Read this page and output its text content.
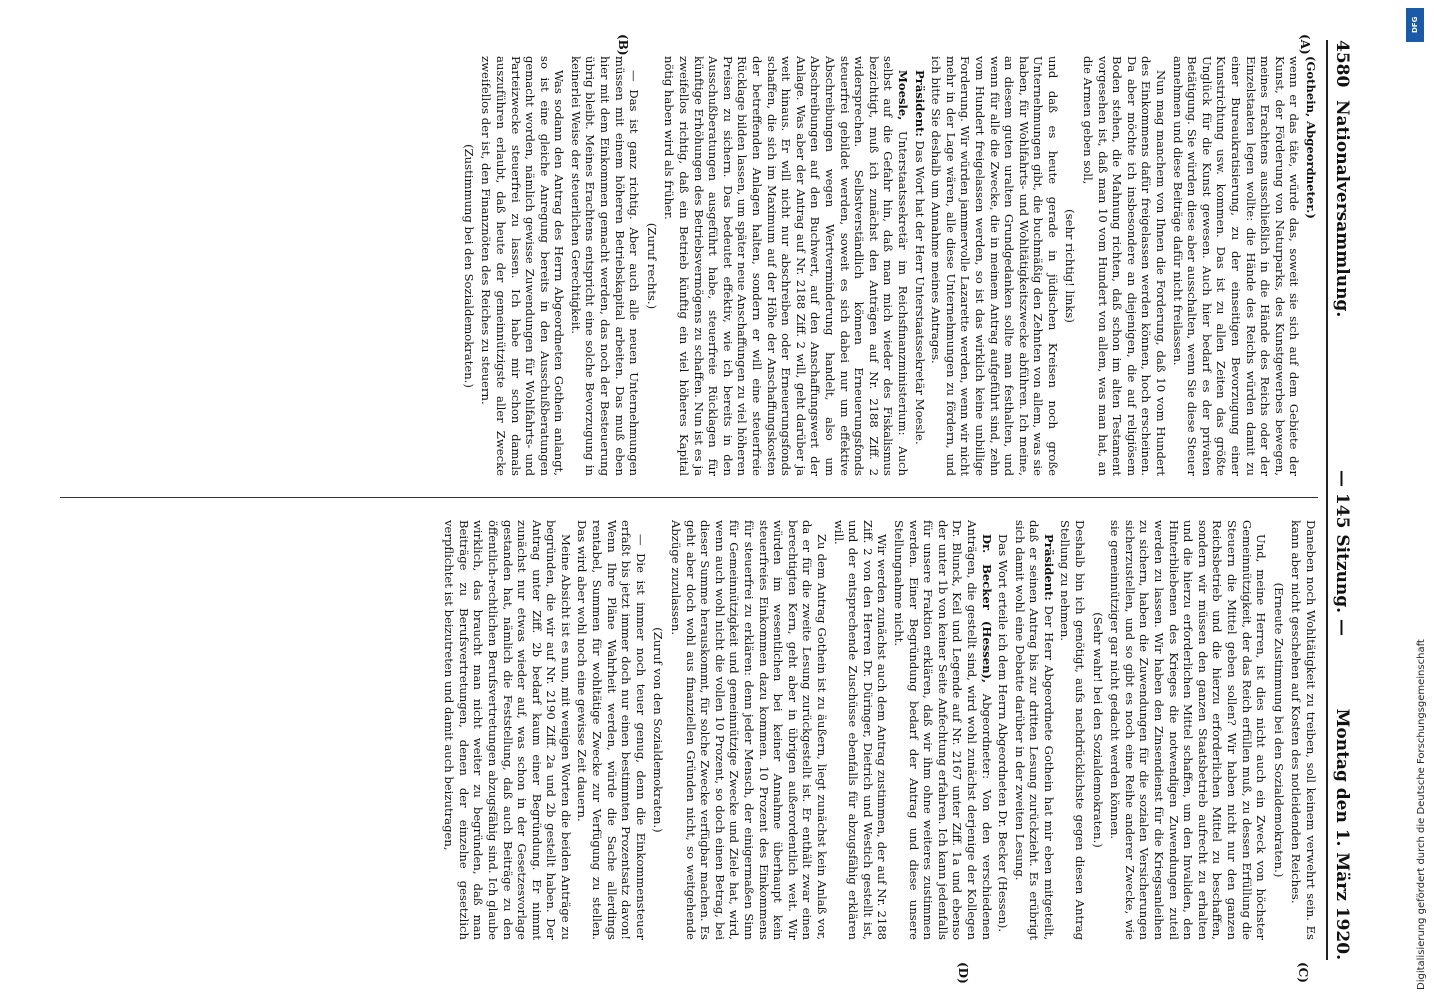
4580
Nationalversammlung.
— 145 Sitzung. —
Montag den 1. März 1920.
(A)
(B)
(C)
(D)

(Gothein, Abgeordneter.)

wenn er das täte, würde das, soweit sie sich auf dem Gebiete der Kunst, der Förderung von Naturparks, des Kunstgewerbes bewegen, meines Erachtens ausschließlich in die Hände des Reichs oder der Einzelstaaten legen wollte: die Hände des Reichs würden damit zu einer Bureaukratisierung, zu der einseitigen Bevorzugung einer Kunstrichtung usw. kommen. Das ist zu allen Zeiten das größte Unglück für die Kunst gewesen. Auch hier bedarf es der privaten Betätigung. Sie würden diese aber ausschalten, wenn Sie diese Steuer annehmen und diese Beiträge dafür nicht freilassen.

Nun mag manchem von Ihnen die Forderung, daß 10 vom Hundert des Einkommens dafür freigelassen werden können, hoch erscheinen. Da aber möchte ich insbesondere an diejenigen, die auf religiösem Boden stehen, die Mahnung richten, daß schon im alten Testament vorgesehen ist, daß man 10 vom Hundert von allem, was man hat, an die Armen geben soll,

(sehr richtig! links)

und daß es heute gerade in jüdischen Kreisen noch große Unternehmungen gibt, die buchmäßig den Zehnten von allem, was sie haben, für Wohlfahrts- und Wohltätigkeitszwecke abführen. Ich meine, an diesem guten uralten Grundgedanken sollte man festhalten, und wenn für alle die Zwecke, die in meinem Antrag aufgeführt sind, zehn vom Hundert freigelassen werden, so ist das wirklich keine unbillige Forderung. Wir würden jammervolle Lazarette werden, wenn wir nicht mehr in der Lage wären, alle diese Unternehmungen zu fördern, und ich bitte Sie deshalb um Annahme meines Antrages.

Präsident: Das Wort hat der Herr Unterstaatssekretär Moesle.

Moesle, Unterstaatssekretär im Reichsfinanzministerium: Auch selbst auf die Gefahr hin, daß man mich wieder des Fiskalismus bezichtigt, muß ich zunächst den Anträgen auf Nr. 2188 Ziff. 2 widersprechen. Selbstverständlich können Erneuerungsfonds steuerfrei gebildet werden, soweit es sich dabei nur um effektive Abschreibungen wegen Wertverminderung handelt, also um Abschreibungen auf den Buchwert, auf den Anschaffungswert der Anlage. Was aber der Antrag auf Nr. 2188 Ziff. 2 will, geht darüber ja weit hinaus. Er will nicht nur abschreiben oder Erneuerungsfonds schaffen, die sich im Maximum auf der Höhe der Anschaffungskosten der betreffenden Anlagen halten, sondern er will eine steuerfreie Rücklage bilden lassen, um später neue Anschaffungen zu viel höheren Preisen zu sichern. Das bedeutet effektiv, wie ich bereits in den Ausschußberatungen ausgeführt habe, steuerfreie Rücklagen für künftige Erhöhungen des Betriebsvermögens zu schaffen. Nun ist es ja zweifellos richtig, daß ein Betrieb künftig ein viel höheres Kapital nötig haben wird als früher.

(Zuruf rechts.)

— Das ist ganz richtig. Aber auch alle neuen Unternehmungen müssen mit einem höheren Betriebskapital arbeiten. Das muß eben hier mit dem Einkommen gemacht werden, das noch der Besteuerung übrig bleibt. Meines Erachtens entspricht eine solche Bevorzugung in keinerlei Weise der steuerlichen Gerechtigkeit.

Was sodann den Antrag des Herrn Abgeordneten Gothein anlangt, so ist eine gleiche Anregung bereits in den Ausschußberatungen gemacht worden, nämlich gewisse Zuwendungen für Wohlfahrts- und Parteizwecke steuerfrei zu lassen. Ich habe mir schon damals auszuführen erlaubt, daß heute der gemeinnützigste aller Zwecke zweifellos der ist, den Finanznöten des Reiches zu steuern.

(Zustimmung bei den Sozialdemokraten.)

Daneben noch Wohltätigkeit zu treiben, soll keinem verwehrt sein. Es kann aber nicht geschehen auf Kosten des notleidenden Reiches.

(Erneute Zustimmung bei den Sozialdemokraten.)

Und, meine Herren, ist dies nicht auch ein Zweck von höchster Gemeinnützigkeit, der das Reich erfüllen muß, zu dessen Erfüllung die Steuern die Mittel geben sollen? Wir haben nicht nur den ganzen Reichsbetrieb und die hierzu erforderlichen Mittel zu beschaffen, sondern wir müssen den ganzen Staatsbetrieb aufrecht zu erhalten und die hierzu erforderlichen Mittel schaffen, um den Invaliden, den Hinterbliebenen des Krieges die notwendigen Zuwendungen zuteil werden zu lassen. Wir haben den Zinsendienst für die Kriegsanleihen zu sichern, haben die Zuwendungen für die sozialen Versicherungen sicherzustellen, und so gibt es noch eine Reihe anderer Zwecke, wie sie gemeinnütziger gar nicht gedacht werden können.

(Sehr wahr! bei den Sozialdemokraten.)

Deshalb bin ich genötigt, aufs nachdrücklichste gegen diesen Antrag Stellung zu nehmen.

Präsident: Der Herr Abgeordnete Gothein hat mir eben mitgeteilt, daß er seinen Antrag bis zur dritten Lesung zurückzieht. Es erübrigt sich damit wohl eine Debatte darüber in der zweiten Lesung.

Das Wort erteile ich dem Herrn Abgeordneten Dr. Becker (Hessen).

Dr. Becker (Hessen), Abgeordneter: Von den verschiedenen Anträgen, die gestellt sind, wird wohl zunächst derjenige der Kollegen Dr. Blunck, Keil und Legende auf Nr. 2167 unter Ziff. 1a und ebenso der unter 1b von keiner Seite Anfechtung erfahren. Ich kann jedenfalls für unsere Fraktion erklären, daß wir ihm ohne weiteres zustimmen werden. Einer Begründung bedarf der Antrag und diese unsere Stellungnahme nicht.

Wir werden zunächst auch dem Antrag zustimmen, der auf Nr. 2188 Ziff. 2 von den Herren Dr. Düringer, Dietrich und Westich gestellt ist, und der entsprechende Zuschüsse ebenfalls für abzugsfähig erklären will.

Zu dem Antrag Gothein ist zu äußern, liegt zunächst kein Anlaß vor, da er für die zweite Lesung zurückgestellt ist. Er enthält zwar einen berechtigten Kern, geht aber in übrigen außerordentlich weit. Wir würden im wesentlichen bei keiner Annahme überhaupt kein steuerfreies Einkommen dazu kommen. 10 Prozent des Einkommens für steuerfrei zu erklären: denn jeder Mensch, der einigermaßen Sinn für Gemeinnützigkeit und gemeinnützige Zwecke und Ziele hat, wird, wenn auch wohl nicht die vollen 10 Prozent, so doch einen Betrag, bei dieser Summe herauskommt, für solche Zwecke verfügbar machen. Es geht aber doch wohl aus finanziellen Gründen nicht, so weitgehende Abzüge zuzulassen.

(Zuruf von den Sozialdemokraten.)

— Die ist immer noch teuer genug, denn die Einkommensteuer erfaßt bis jetzt immer doch nur einen bestimmten Prozentsatz davon! Wenn Ihre Pläne Wahrheit werden, würde die Sache allerdings rentabel, Summen für wohltätige Zwecke zur Verfügung zu stellen. Das wird aber wohl noch eine gewisse Zeit dauern.

Meine Absicht ist es nun, mit wenigen Worten die beiden Anträge zu begründen, die wir auf Nr. 2190 Ziff. 2a und 2b gestellt haben. Der Antrag unter Ziff. 2b bedarf kaum einer Begründung. Er nimmt zunächst nur etwas wieder auf, was schon in der Gesetzesvorlage gestanden hat, nämlich die Feststellung, daß auch Beiträge zu den öffentlich-rechtlichen Berufsvertretungen abzugsfähig sind. Ich glaube wirklich, das braucht man nicht weiter zu begründen, daß man Beiträge zu Berufsvertretungen, denen der einzelne gesetzlich verpflichtet ist beizutreten und damit auch beizutragen,

DFG
Digitalisierung gefördert durch die Deutsche Forschungsgemeinschaft
